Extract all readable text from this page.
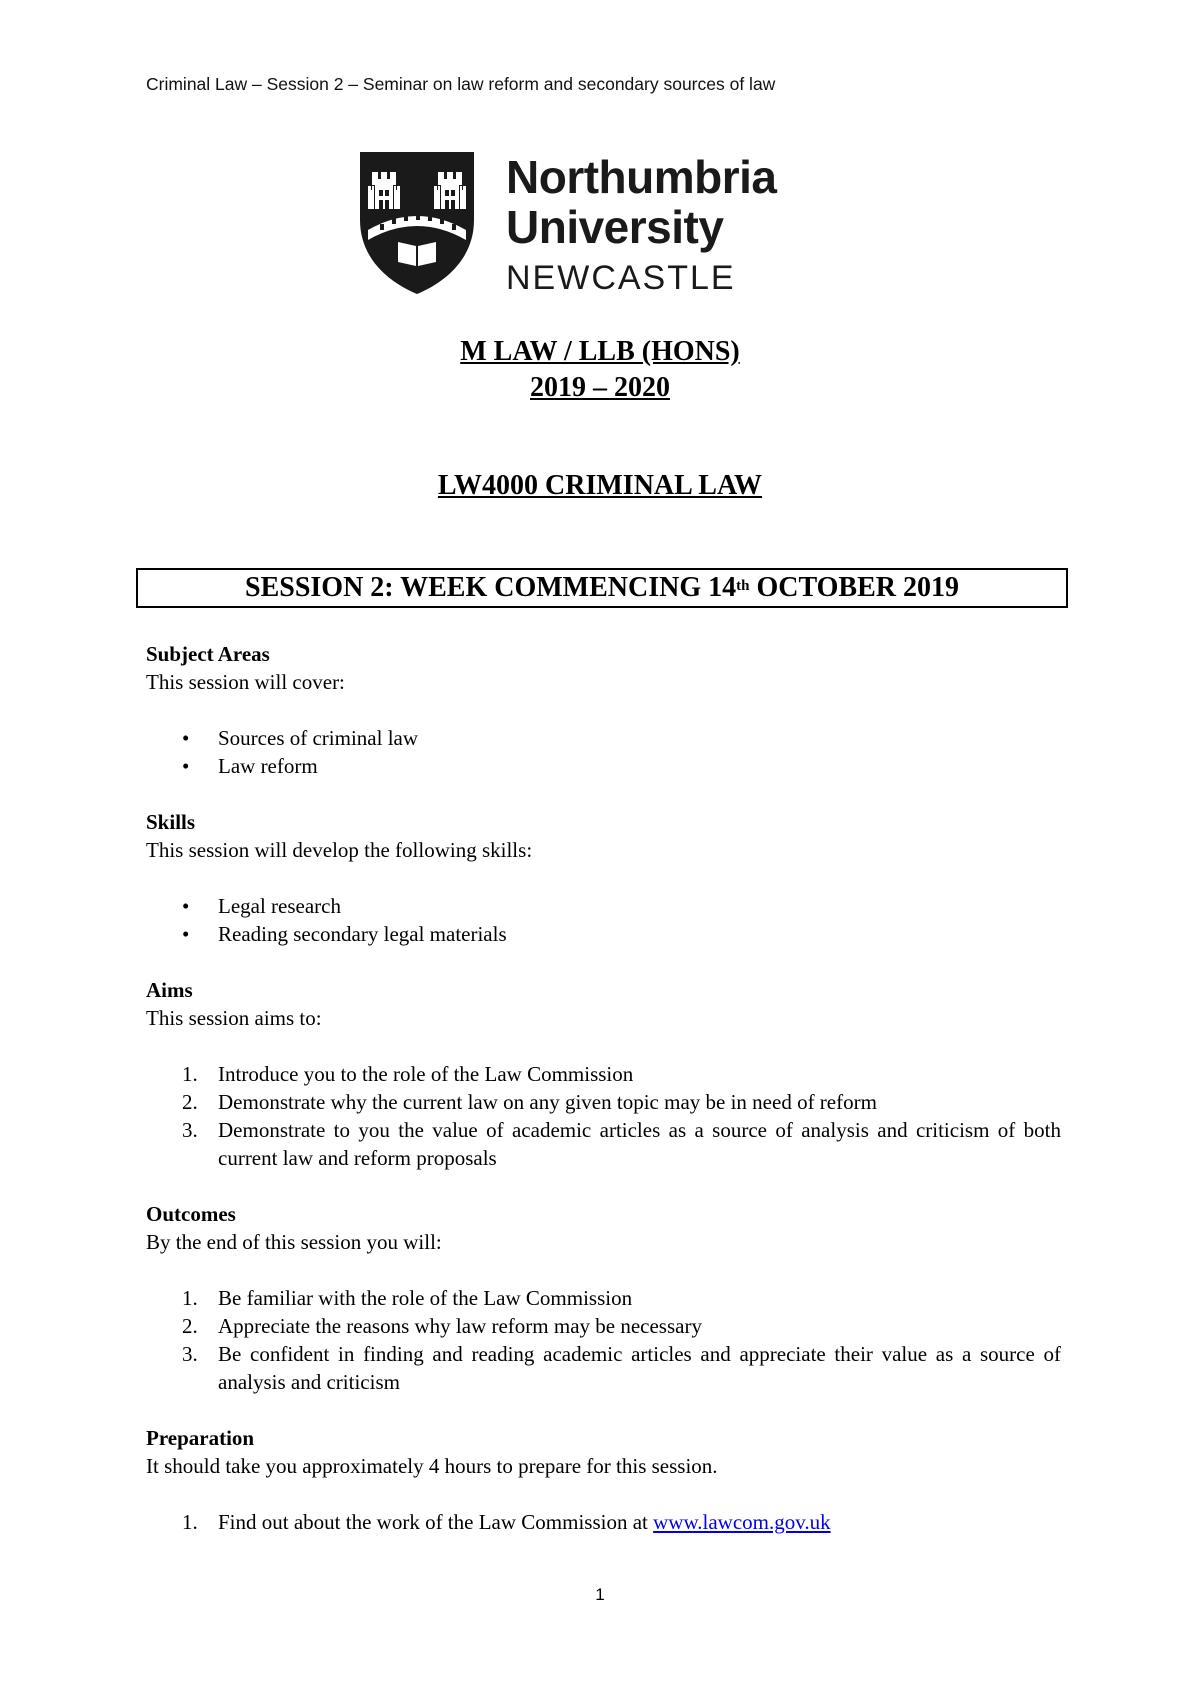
Criminal Law – Session 2 – Seminar on law reform and secondary sources of law
Northumbria
University
NEWCASTLE
M LAW / LLB (HONS)
2019 – 2020
LW4000 CRIMINAL LAW
SESSION 2: WEEK COMMENCING 14th OCTOBER 2019
Subject Areas
This session will cover:
• Sources of criminal law
• Law reform
Skills
This session will develop the following skills:
• Legal research
• Reading secondary legal materials
Aims
This session aims to:
1. Introduce you to the role of the Law Commission
2. Demonstrate why the current law on any given topic may be in need of reform
3. Demonstrate to you the value of academic articles as a source of analysis and criticism of both current law and reform proposals
Outcomes
By the end of this session you will:
1. Be familiar with the role of the Law Commission
2. Appreciate the reasons why law reform may be necessary
3. Be confident in finding and reading academic articles and appreciate their value as a source of analysis and criticism
Preparation
It should take you approximately 4 hours to prepare for this session.
1. Find out about the work of the Law Commission at www.lawcom.gov.uk
1
